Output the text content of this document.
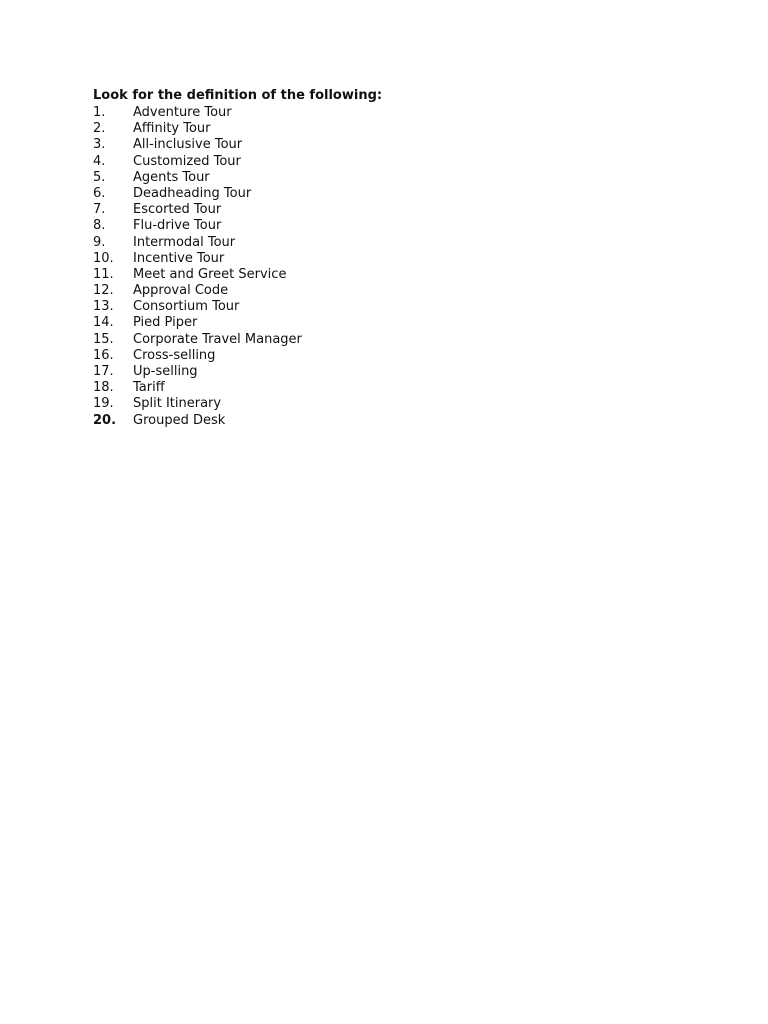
Look for the definition of the following:
1.	Adventure Tour
2.	Affinity Tour
3.	All-inclusive Tour
4.	Customized Tour
5.	Agents Tour
6.	Deadheading Tour
7.	Escorted Tour
8.	Flu-drive Tour
9.	Intermodal Tour
10.	Incentive Tour
11.	Meet and Greet Service
12.	Approval Code
13.	Consortium Tour
14.	Pied Piper
15.	Corporate Travel Manager
16.	Cross-selling
17.	Up-selling
18.	Tariff
19.	Split Itinerary
20.	Grouped Desk
